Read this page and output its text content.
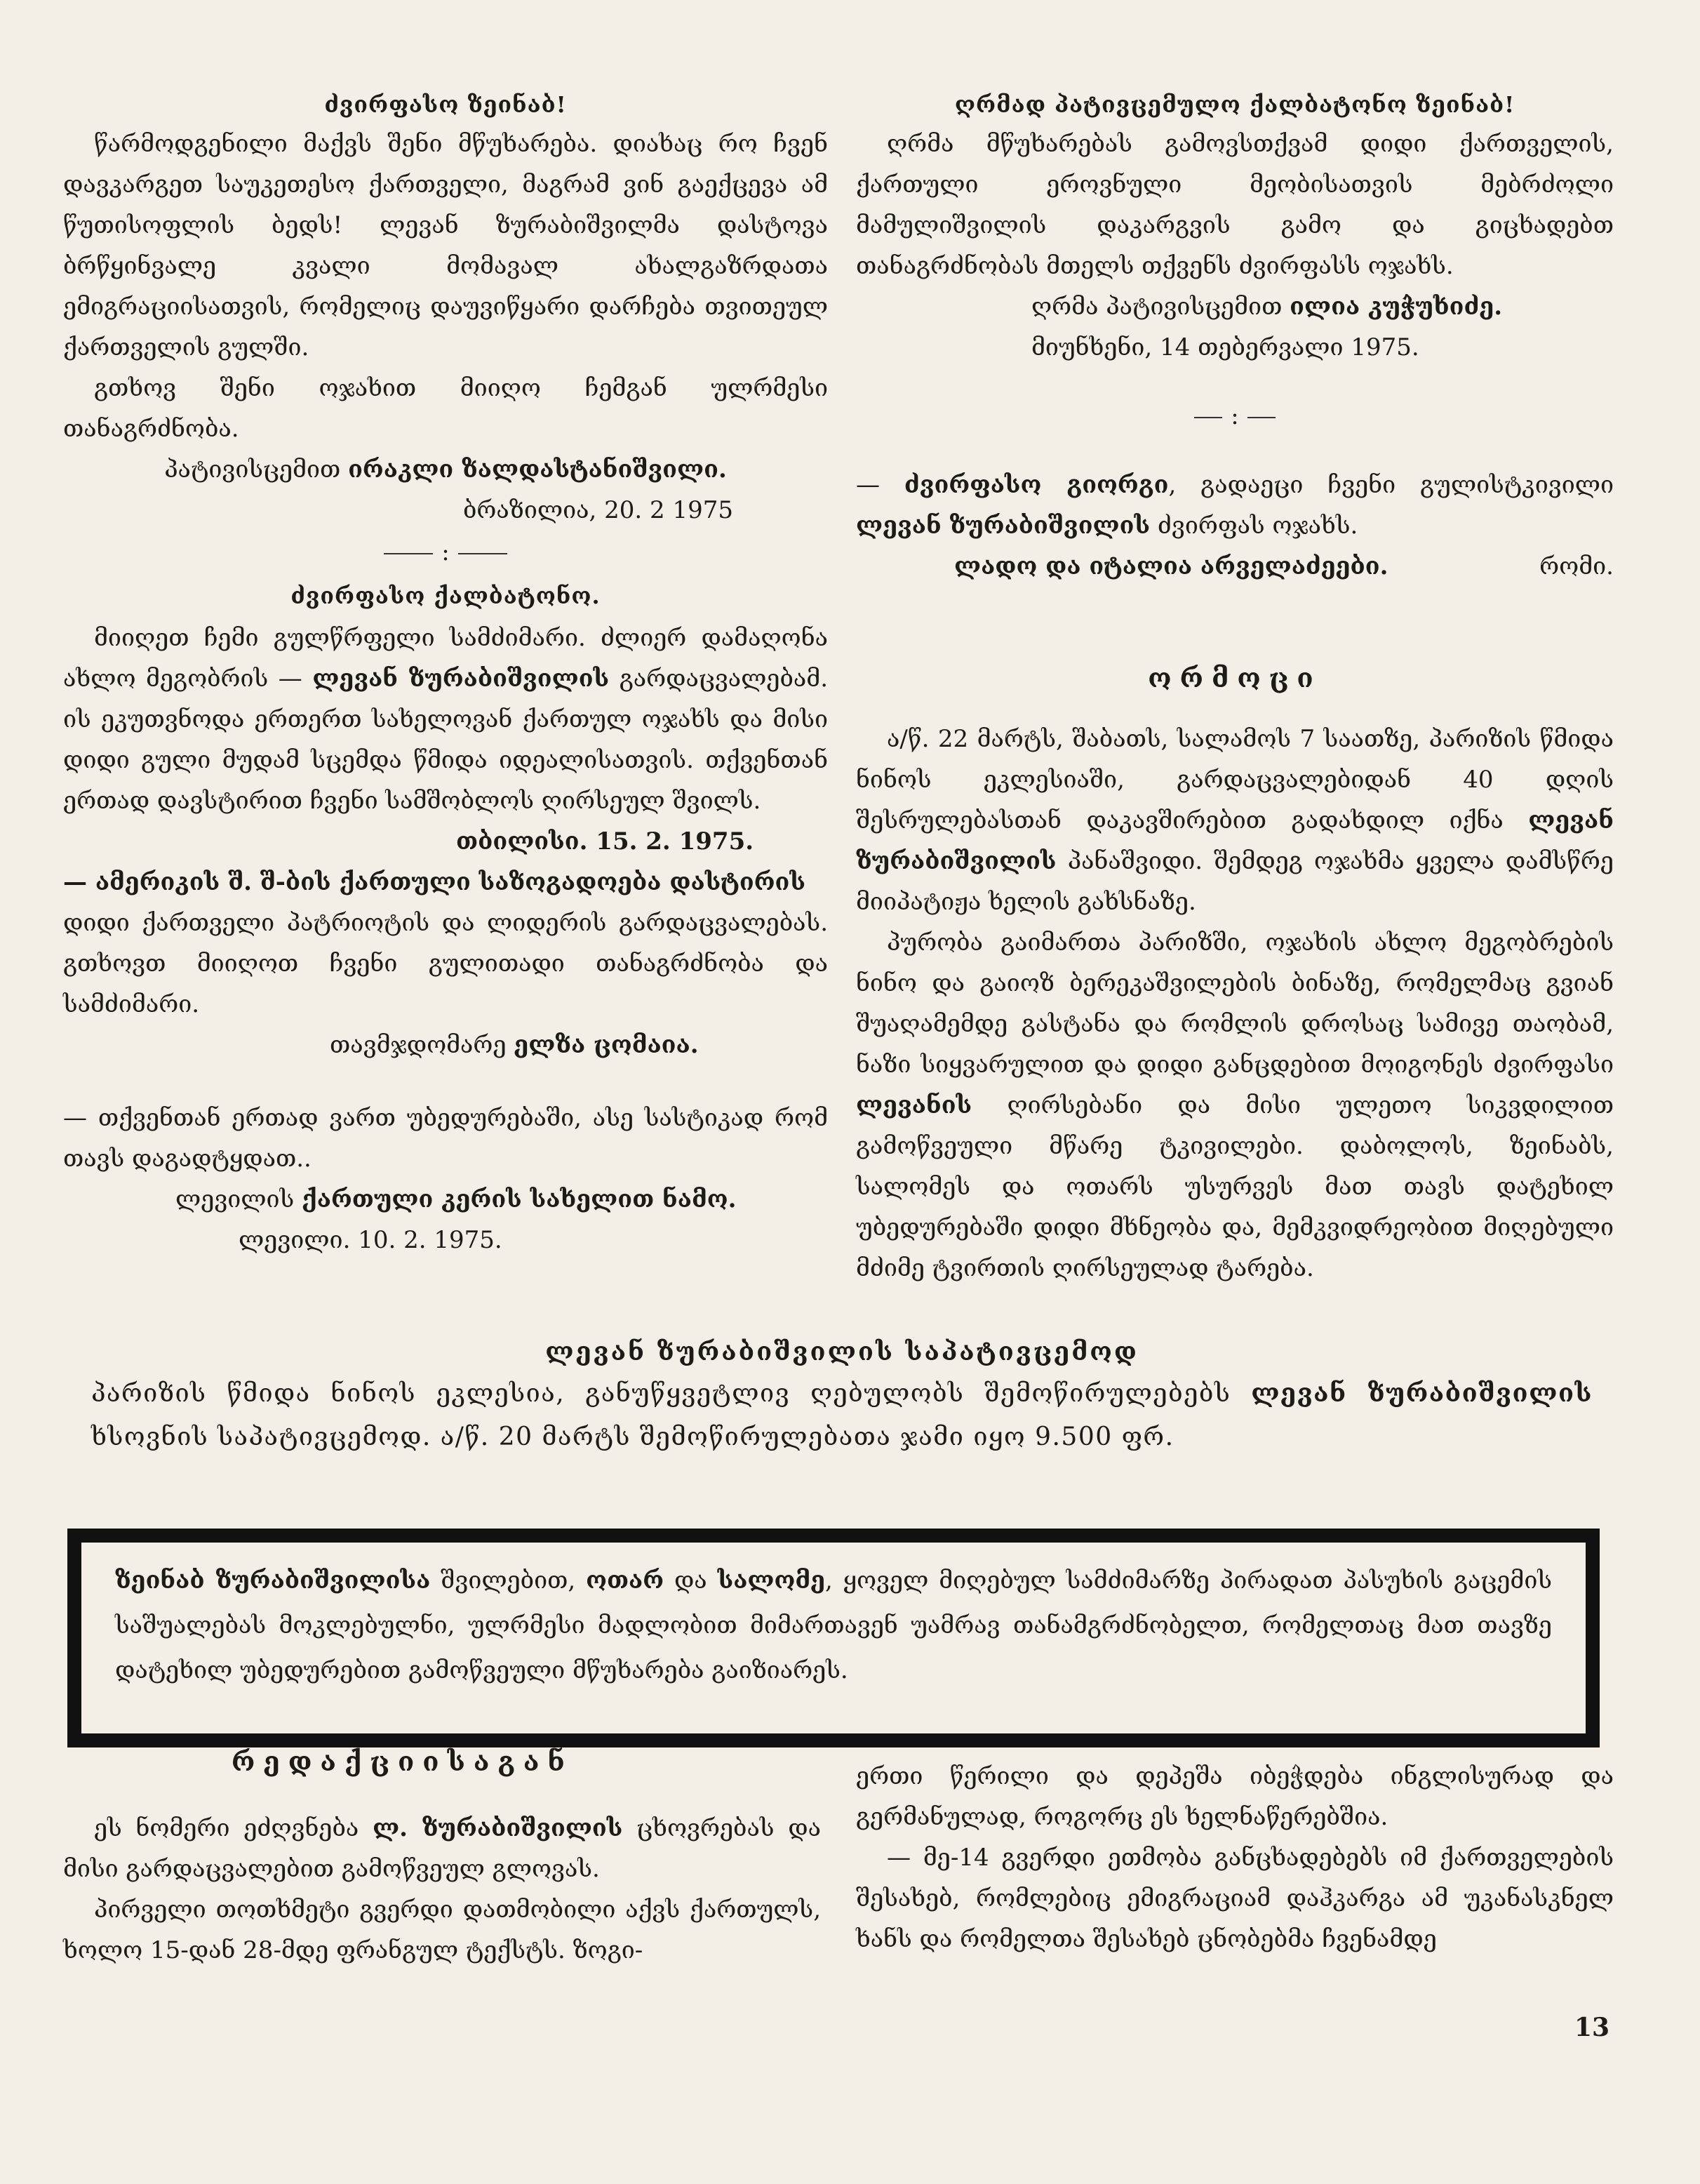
ძვირფასო ზეინაბ!

წარმოდგენილი მაქვს შენი მწუხარება. დიახაც რო ჩვენ დავკარგეთ საუკეთესო ქართველი, მაგრამ ვინ გაექცევა ამ წუთისოფლის ბედს! ლევან ზურაბიშვილმა დასტოვა ბრწყინვალე კვალი მომავალ ახალგაზრდათა ემიგრაციისათვის, რომელიც დაუვიწყარი დარჩება თვითეულ ქართველის გულში.

გთხოვ შენი ოჯახით მიიღო ჩემგან ულრმესი თანაგრძნობა.

პატივისცემით ირაკლი ზალდასტანიშვილი.

ბრაზილია, 20. 2 1975

:

ძვირფასო ქალბატონო.

მიიღეთ ჩემი გულწრფელი სამძიმარი. ძლიერ დამაღონა ახლო მეგობრის — ლევან ზურაბიშვილის გარდაცვალებამ. ის ეკუთვნოდა ერთერთ სახელოვან ქართულ ოჯახს და მისი დიდი გული მუდამ სცემდა წმიდა იდეალისათვის. თქვენთან ერთად დავსტირით ჩვენი სამშობლოს ღირსეულ შვილს.

თბილისი. 15. 2. 1975.

— ამერიკის შ. შ-ბის ქართული საზოგადოება დასტირის

დიდი ქართველი პატრიოტის და ლიდერის გარდაცვალებას. გთხოვთ მიიღოთ ჩვენი გულითადი თანაგრძნობა და სამძიმარი.

თავმჯდომარე ელზა ცომაია.

— თქვენთან ერთად ვართ უბედურებაში, ასე სასტიკად რომ თავს დაგადტყდათ..

ლევილის ქართული კერის სახელით ნამო.

ლევილი. 10. 2. 1975.

ღრმად პატივცემულო ქალბატონო ზეინაბ!

ღრმა მწუხარებას გამოვსთქვამ დიდი ქართველის, ქართული ეროვნული მეობისათვის მებრძოლი მამულიშვილის დაკარგვის გამო და გიცხადებთ თანაგრძნობას მთელს თქვენს ძვირფასს ოჯახს.

ღრმა პატივისცემით ილია კუჭუხიძე.

მიუნხენი, 14 თებერვალი 1975.

:

— ძვირფასო გიორგი, გადაეცი ჩვენი გულისტკივილი ლევან ზურაბიშვილის ძვირფას ოჯახს.

ლადო და იტალია არველაძეები.	რომი.

ორმოცი

ა/წ. 22 მარტს, შაბათს, სალამოს 7 საათზე, პარიზის წმიდა ნინოს ეკლესიაში, გარდაცვალებიდან 40 დღის შესრულებასთან დაკავშირებით გადახდილ იქნა ლევან ზურაბიშვილის პანაშვიდი. შემდეგ ოჯახმა ყველა დამსწრე მიიპატიჟა ხელის გახსნაზე.

პურობა გაიმართა პარიზში, ოჯახის ახლო მეგობრების ნინო და გაიოზ ბერეკაშვილების ბინაზე, რომელმაც გვიან შუაღამემდე გასტანა და რომლის დროსაც სამივე თაობამ, ნაზი სიყვარულით და დიდი განცდებით მოიგონეს ძვირფასი ლევანის ღირსებანი და მისი ულეთო სიკვდილით გამოწვეული მწარე ტკივილები. დაბოლოს, ზეინაბს, სალომეს და ოთარს უსურვეს მათ თავს დატეხილ უბედურებაში დიდი მხნეობა და, მემკვიდრეობით მიღებული მძიმე ტვირთის ღირსეულად ტარება.

ლევან ზურაბიშვილის საპატივცემოდ

პარიზის წმიდა ნინოს ეკლესია, განუწყვეტლივ ღებულობს შემოწირულებებს ლევან ზურაბიშვილის ხსოვნის საპატივცემოდ. ა/წ. 20 მარტს შემოწირულებათა ჯამი იყო 9.500 ფრ.

ზეინაბ ზურაბიშვილისა შვილებით, ოთარ და სალომე, ყოველ მიღებულ სამძიმარზე პირადათ პასუხის გაცემის საშუალებას მოკლებულნი, ულრმესი მადლობით მიმართავენ უამრავ თანამგრძნობელთ, რომელთაც მათ თავზე დატეხილ უბედურებით გამოწვეული მწუხარება გაიზიარეს.

რედაქციისაგან

ეს ნომერი ეძღვნება ლ. ზურაბიშვილის ცხოვრებას და მისი გარდაცვალებით გამოწვეულ გლოვას.

პირველი თოთხმეტი გვერდი დათმობილი აქვს ქართულს, ხოლო 15-დან 28-მდე ფრანგულ ტექსტს. ზოგი-

ერთი წერილი და დეპეშა იბეჭდება ინგლისურად და გერმანულად, როგორც ეს ხელნაწერებშია.

— მე-14 გვერდი ეთმობა განცხადებებს იმ ქართველების შესახებ, რომლებიც ემიგრაციამ დაჰკარგა ამ უკანასკნელ ხანს და რომელთა შესახებ ცნობებმა ჩვენამდე

13
